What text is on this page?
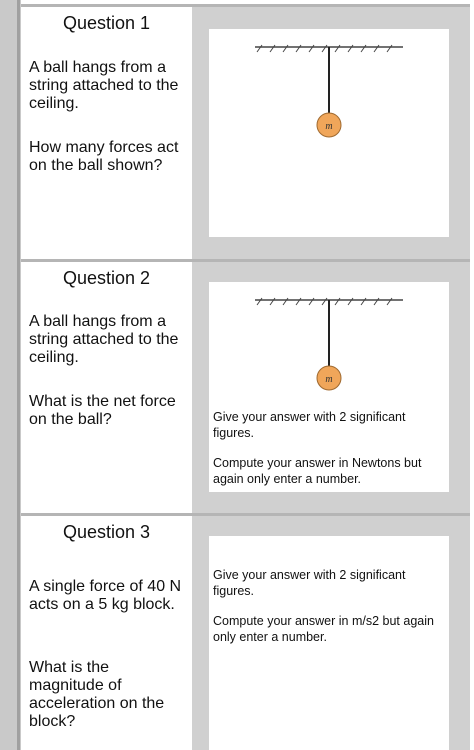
Question 1
A ball hangs from a string attached to the ceiling.
How many forces act on the ball shown?
m
Question 2
A ball hangs from a string attached to the ceiling.
What is the net force on the ball?
m
Give your answer with 2 significant figures.
Compute your answer in Newtons but again only enter a number.
Question 3
A single force of 40 N acts on a 5 kg block.
What is the magnitude of acceleration on the block?
Give your answer with 2 significant figures.
Compute your answer in m/s2 but again only enter a number.
